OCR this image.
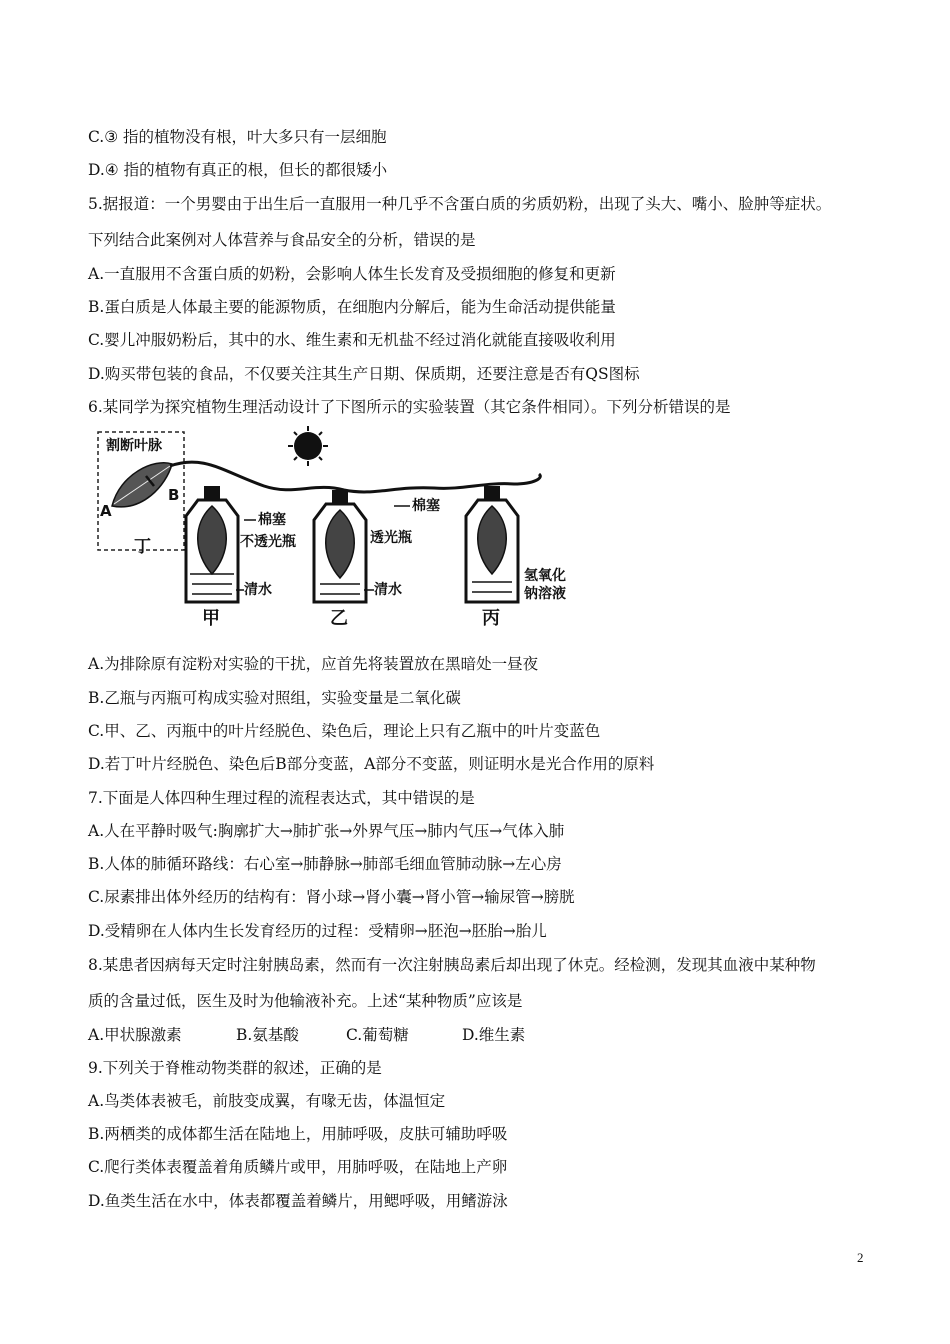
C.③ 指的植物没有根，叶大多只有一层细胞
D.④ 指的植物有真正的根，但长的都很矮小
5.据报道：一个男婴由于出生后一直服用一种几乎不含蛋白质的劣质奶粉，出现了头大、嘴小、脸肿等症状。
下列结合此案例对人体营养与食品安全的分析，错误的是
A.一直服用不含蛋白质的奶粉，会影响人体生长发育及受损细胞的修复和更新
B.蛋白质是人体最主要的能源物质，在细胞内分解后，能为生命活动提供能量
C.婴儿冲服奶粉后，其中的水、维生素和无机盐不经过消化就能直接吸收利用
D.购买带包装的食品，不仅要关注其生产日期、保质期，还要注意是否有QS图标
6.某同学为探究植物生理活动设计了下图所示的实验装置（其它条件相同）。下列分析错误的是
割断叶脉
A
B
丁
棉塞
不透光瓶
清水
棉塞
透光瓶
清水
氢氧化
钠溶液
甲	乙	丙
A.为排除原有淀粉对实验的干扰，应首先将装置放在黑暗处一昼夜
B.乙瓶与丙瓶可构成实验对照组，实验变量是二氧化碳
C.甲、乙、丙瓶中的叶片经脱色、染色后，理论上只有乙瓶中的叶片变蓝色
D.若丁叶片经脱色、染色后B部分变蓝，A部分不变蓝，则证明水是光合作用的原料
7.下面是人体四种生理过程的流程表达式，其中错误的是
A.人在平静时吸气:胸廓扩大→肺扩张→外界气压→肺内气压→气体入肺
B.人体的肺循环路线：右心室→肺静脉→肺部毛细血管肺动脉→左心房
C.尿素排出体外经历的结构有：肾小球→肾小囊→肾小管→输尿管→膀胱
D.受精卵在人体内生长发育经历的过程：受精卵→胚泡→胚胎→胎儿
8.某患者因病每天定时注射胰岛素，然而有一次注射胰岛素后却出现了休克。经检测，发现其血液中某种物
质的含量过低，医生及时为他输液补充。上述“某种物质”应该是
A.甲状腺激素	B.氨基酸	C.葡萄糖	D.维生素
9.下列关于脊椎动物类群的叙述，正确的是
A.鸟类体表被毛，前肢变成翼，有喙无齿，体温恒定
B.两栖类的成体都生活在陆地上，用肺呼吸，皮肤可辅助呼吸
C.爬行类体表覆盖着角质鳞片或甲，用肺呼吸，在陆地上产卵
D.鱼类生活在水中，体表都覆盖着鳞片，用鳃呼吸，用鳍游泳
2
